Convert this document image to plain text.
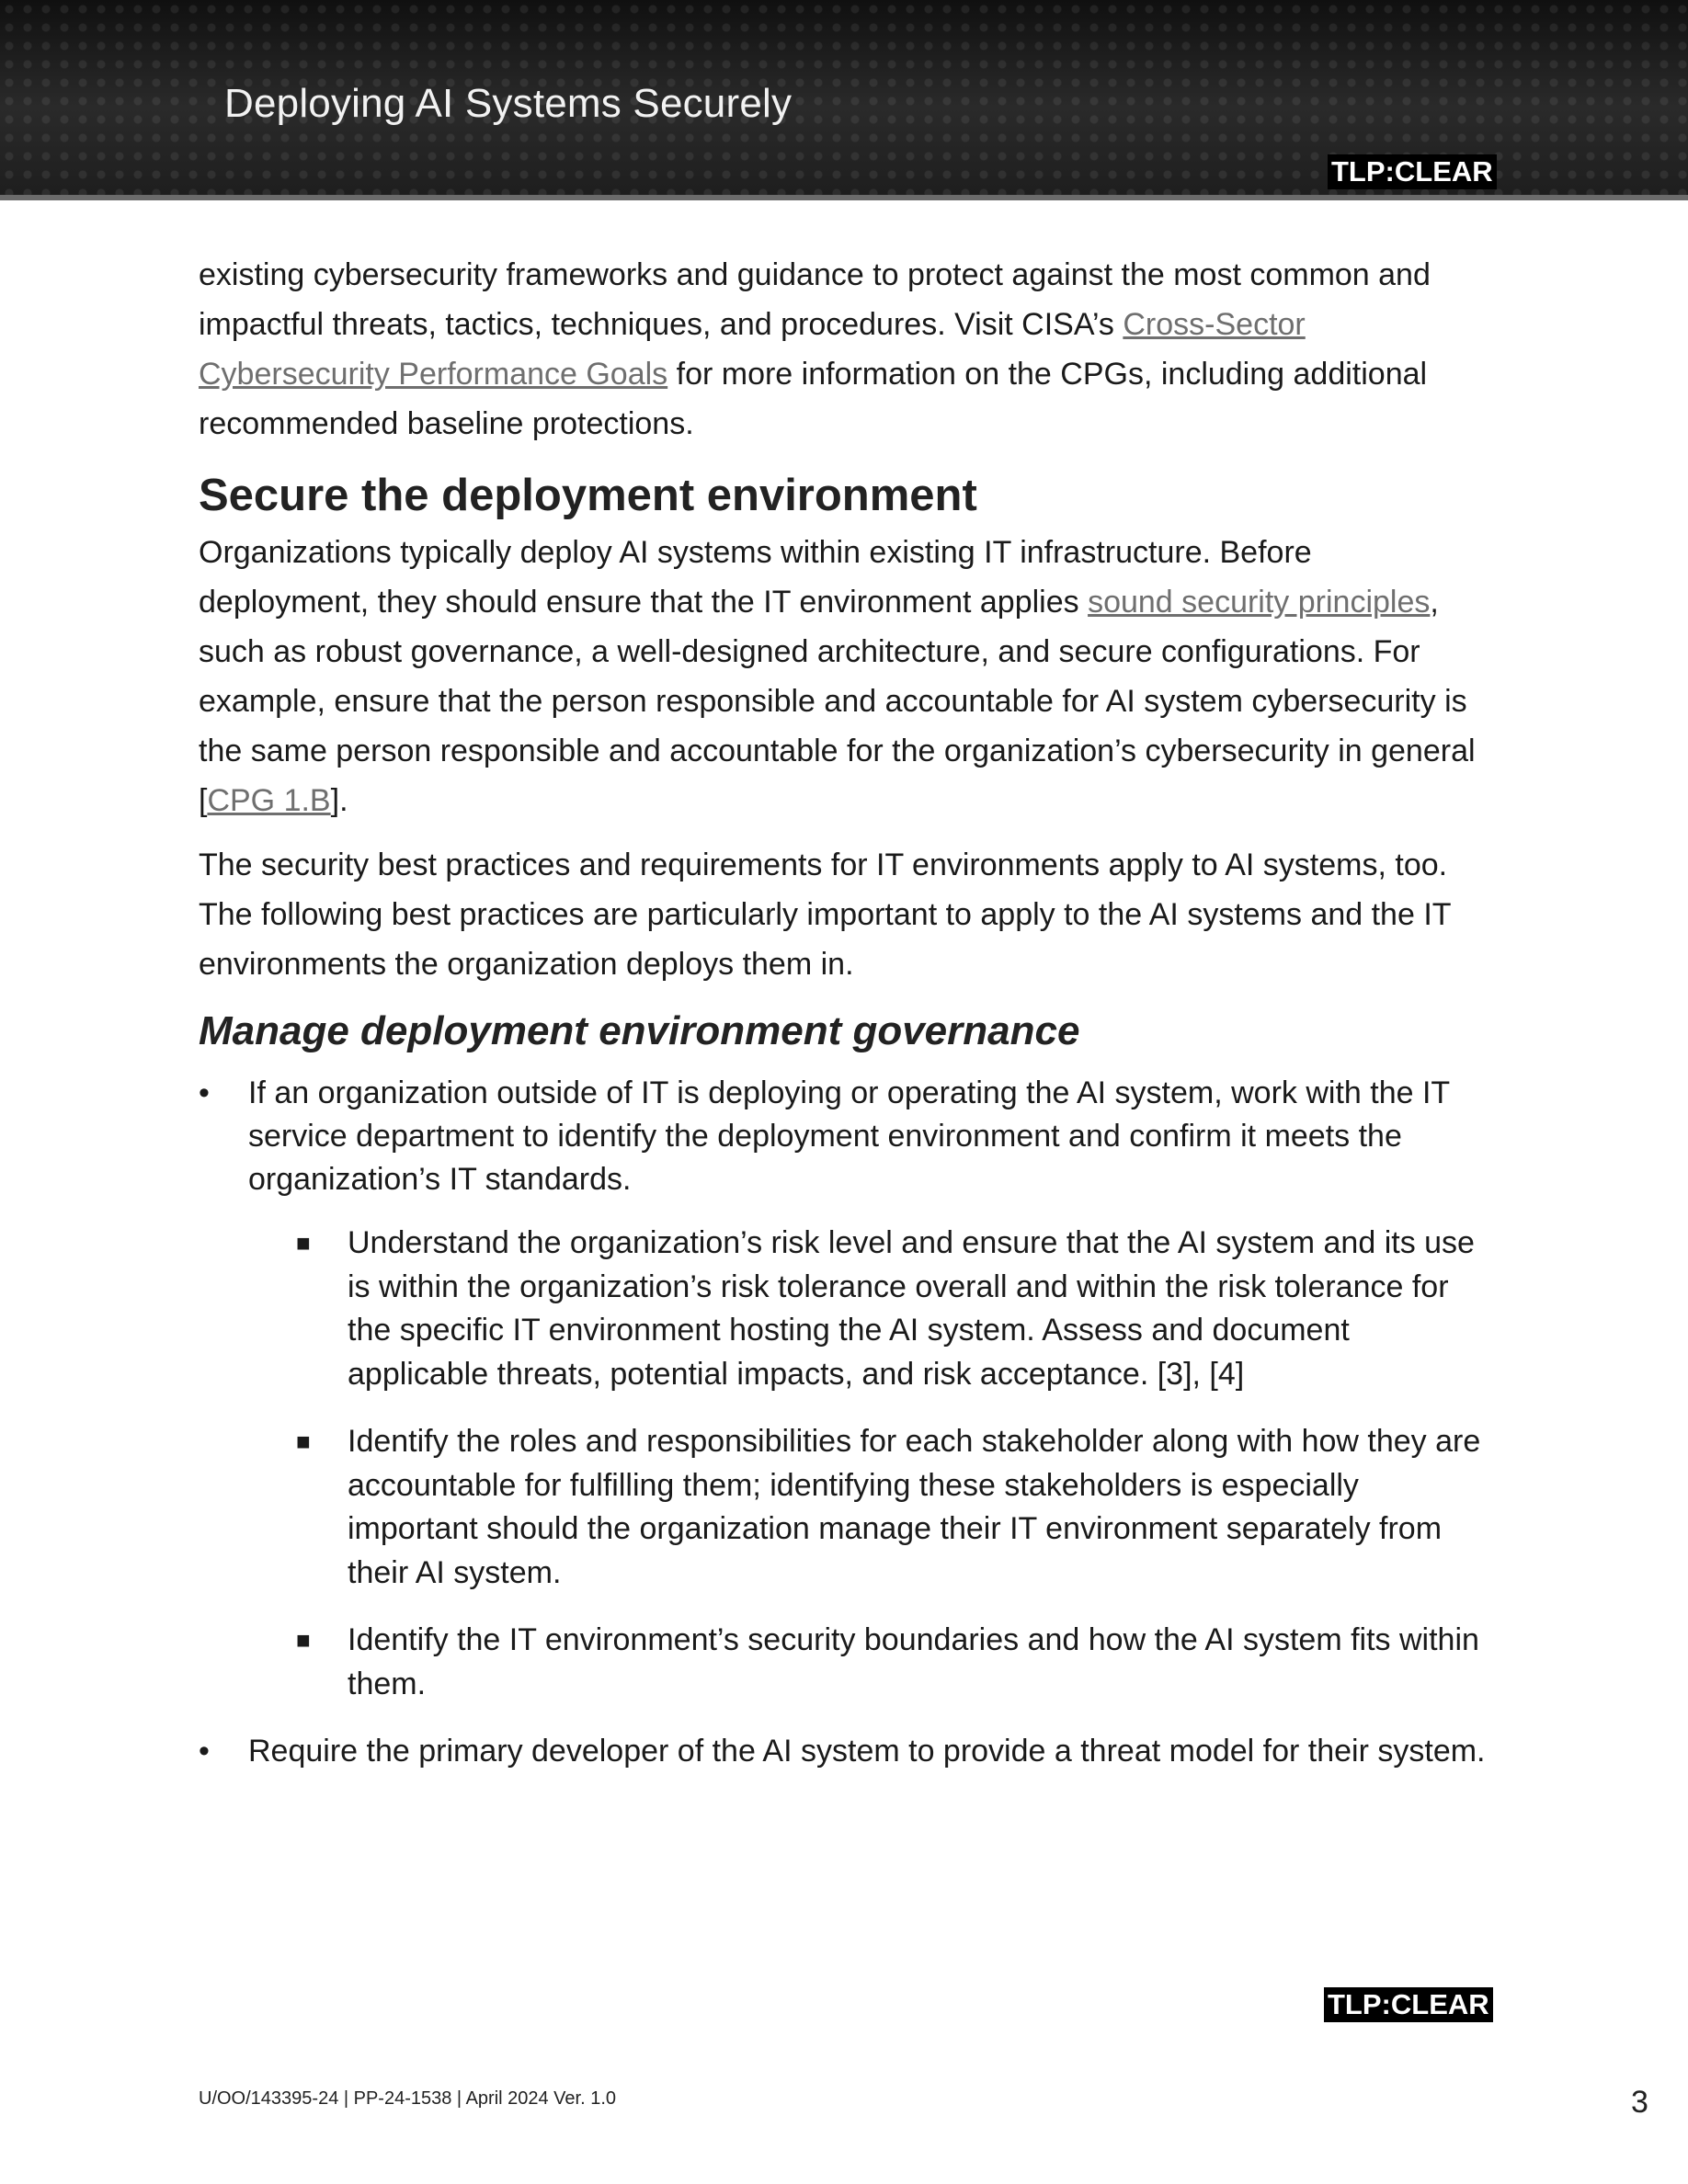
Deploying AI Systems Securely
TLP:CLEAR

existing cybersecurity frameworks and guidance to protect against the most common and impactful threats, tactics, techniques, and procedures. Visit CISA’s Cross-Sector Cybersecurity Performance Goals for more information on the CPGs, including additional recommended baseline protections.

Secure the deployment environment

Organizations typically deploy AI systems within existing IT infrastructure. Before deployment, they should ensure that the IT environment applies sound security principles, such as robust governance, a well-designed architecture, and secure configurations. For example, ensure that the person responsible and accountable for AI system cybersecurity is the same person responsible and accountable for the organization’s cybersecurity in general [CPG 1.B].

The security best practices and requirements for IT environments apply to AI systems, too. The following best practices are particularly important to apply to the AI systems and the IT environments the organization deploys them in.

Manage deployment environment governance
• If an organization outside of IT is deploying or operating the AI system, work with the IT service department to identify the deployment environment and confirm it meets the organization’s IT standards.
■ Understand the organization’s risk level and ensure that the AI system and its use is within the organization’s risk tolerance overall and within the risk tolerance for the specific IT environment hosting the AI system. Assess and document applicable threats, potential impacts, and risk acceptance. [3], [4]
■ Identify the roles and responsibilities for each stakeholder along with how they are accountable for fulfilling them; identifying these stakeholders is especially important should the organization manage their IT environment separately from their AI system.
■ Identify the IT environment’s security boundaries and how the AI system fits within them.
• Require the primary developer of the AI system to provide a threat model for their system.
TLP:CLEAR
U/OO/143395-24 | PP-24-1538 | April 2024 Ver. 1.0	3
